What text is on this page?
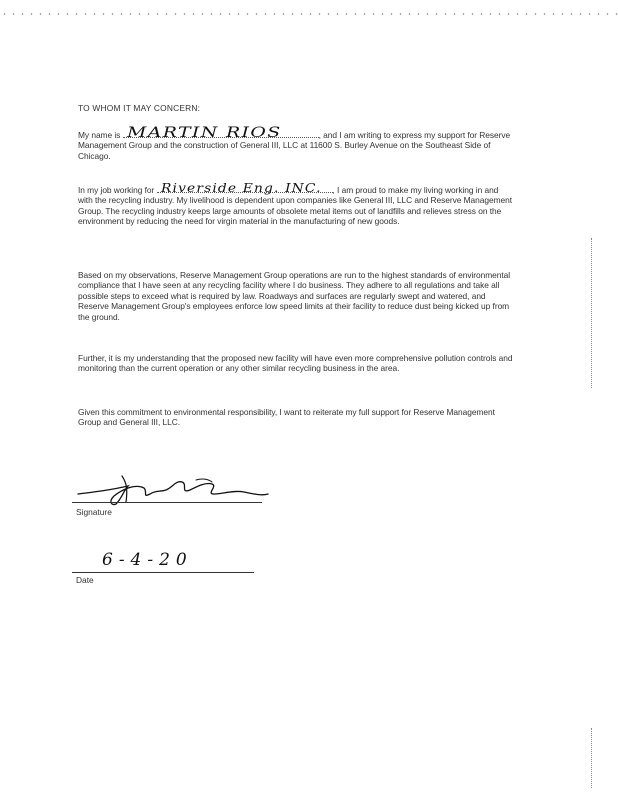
TO WHOM IT MAY CONCERN:

My name is MARTIN RIOS	, and I am writing to express my support for Reserve Management Group and the construction of General III, LLC at 11600 S. Burley Avenue on the Southeast Side of Chicago.

In my job working for Riverside Eng. INC. , I am proud to make my living working in and with the recycling industry. My livelihood is dependent upon companies like General III, LLC and Reserve Management Group. The recycling industry keeps large amounts of obsolete metal items out of landfills and relieves stress on the environment by reducing the need for virgin material in the manufacturing of new goods.

Based on my observations, Reserve Management Group operations are run to the highest standards of environmental compliance that I have seen at any recycling facility where I do business. They adhere to all regulations and take all possible steps to exceed what is required by law. Roadways and surfaces are regularly swept and watered, and Reserve Management Group's employees enforce low speed limits at their facility to reduce dust being kicked up from the ground.

Further, it is my understanding that the proposed new facility will have even more comprehensive pollution controls and monitoring than the current operation or any other similar recycling business in the area.

Given this commitment to environmental responsibility, I want to reiterate my full support for Reserve Management Group and General III, LLC.

Signature
6-4-20
Date
